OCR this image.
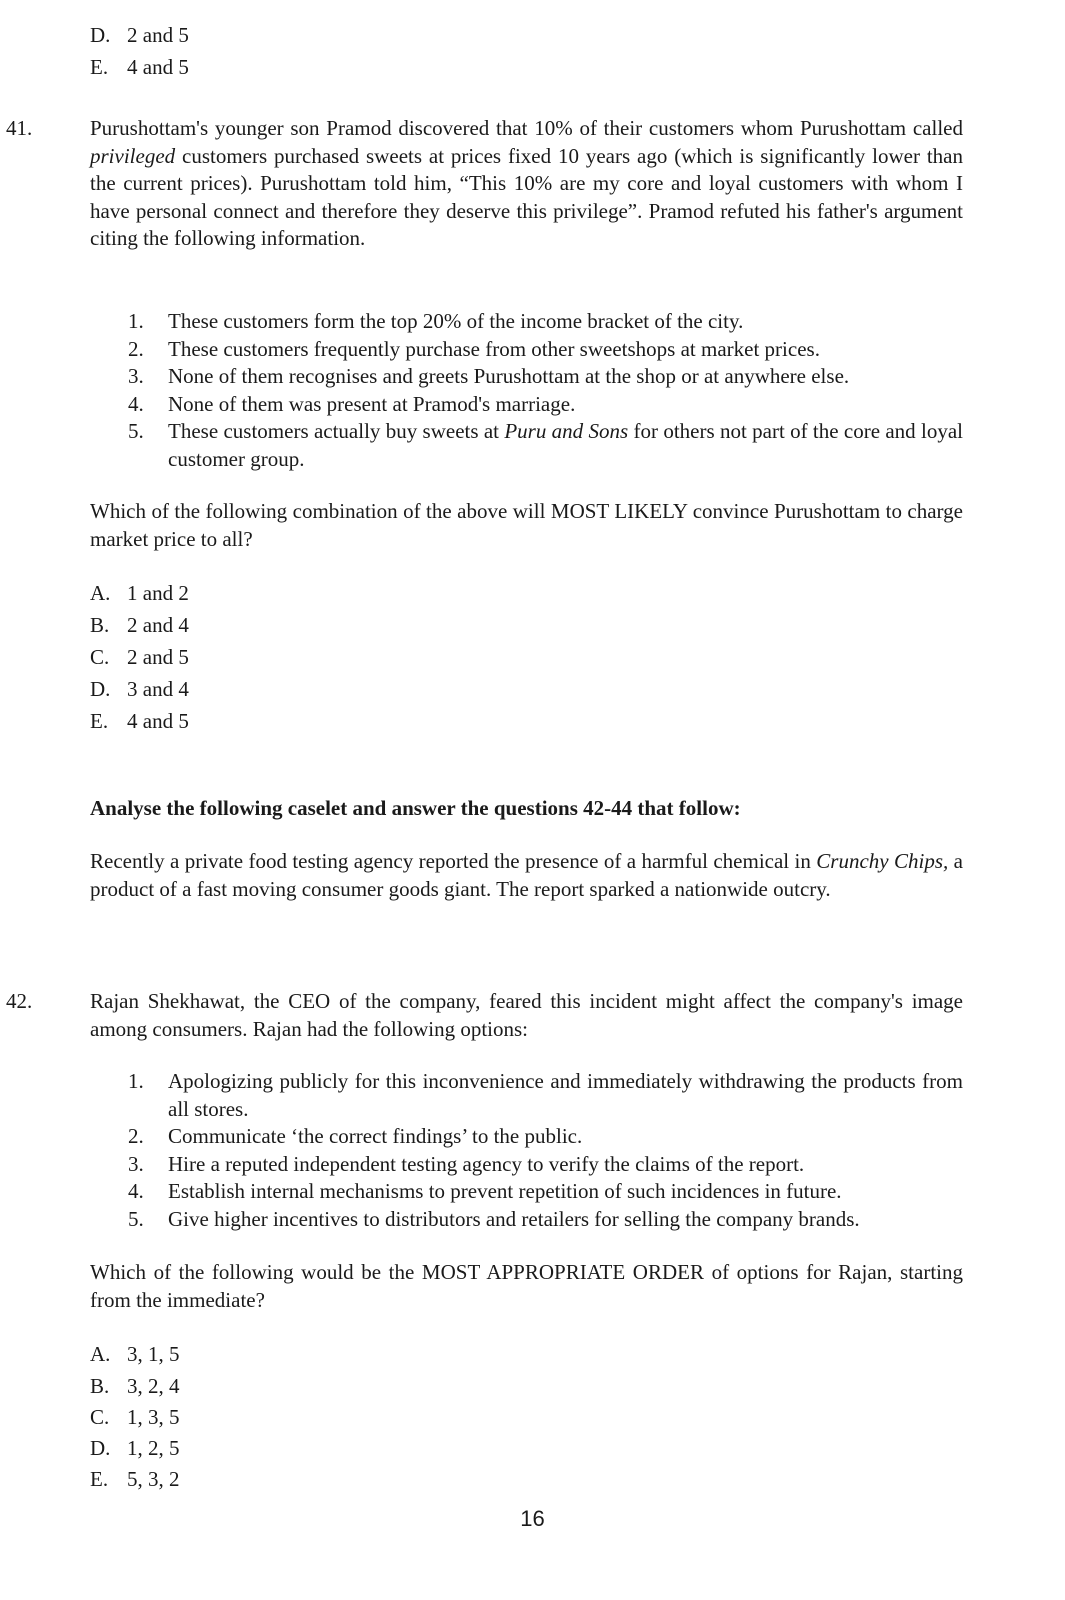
D. 2 and 5
E. 4 and 5
41.	Purushottam's younger son Pramod discovered that 10% of their customers whom Purushottam called privileged customers purchased sweets at prices fixed 10 years ago (which is significantly lower than the current prices). Purushottam told him, “This 10% are my core and loyal customers with whom I have personal connect and therefore they deserve this privilege”. Pramod refuted his father's argument citing the following information.
1. These customers form the top 20% of the income bracket of the city.
2. These customers frequently purchase from other sweetshops at market prices.
3. None of them recognises and greets Purushottam at the shop or at anywhere else.
4. None of them was present at Pramod's marriage.
5. These customers actually buy sweets at Puru and Sons for others not part of the core and loyal customer group.
Which of the following combination of the above will MOST LIKELY convince Purushottam to charge market price to all?
A. 1 and 2
B. 2 and 4
C. 2 and 5
D. 3 and 4
E. 4 and 5
Analyse the following caselet and answer the questions 42-44 that follow:
Recently a private food testing agency reported the presence of a harmful chemical in Crunchy Chips, a product of a fast moving consumer goods giant. The report sparked a nationwide outcry.
42.	Rajan Shekhawat, the CEO of the company, feared this incident might affect the company's image among consumers. Rajan had the following options:
1. Apologizing publicly for this inconvenience and immediately withdrawing the products from all stores.
2. Communicate ‘the correct findings’ to the public.
3. Hire a reputed independent testing agency to verify the claims of the report.
4. Establish internal mechanisms to prevent repetition of such incidences in future.
5. Give higher incentives to distributors and retailers for selling the company brands.
Which of the following would be the MOST APPROPRIATE ORDER of options for Rajan, starting from the immediate?
A. 3, 1, 5
B. 3, 2, 4
C. 1, 3, 5
D. 1, 2, 5
E. 5, 3, 2
16
